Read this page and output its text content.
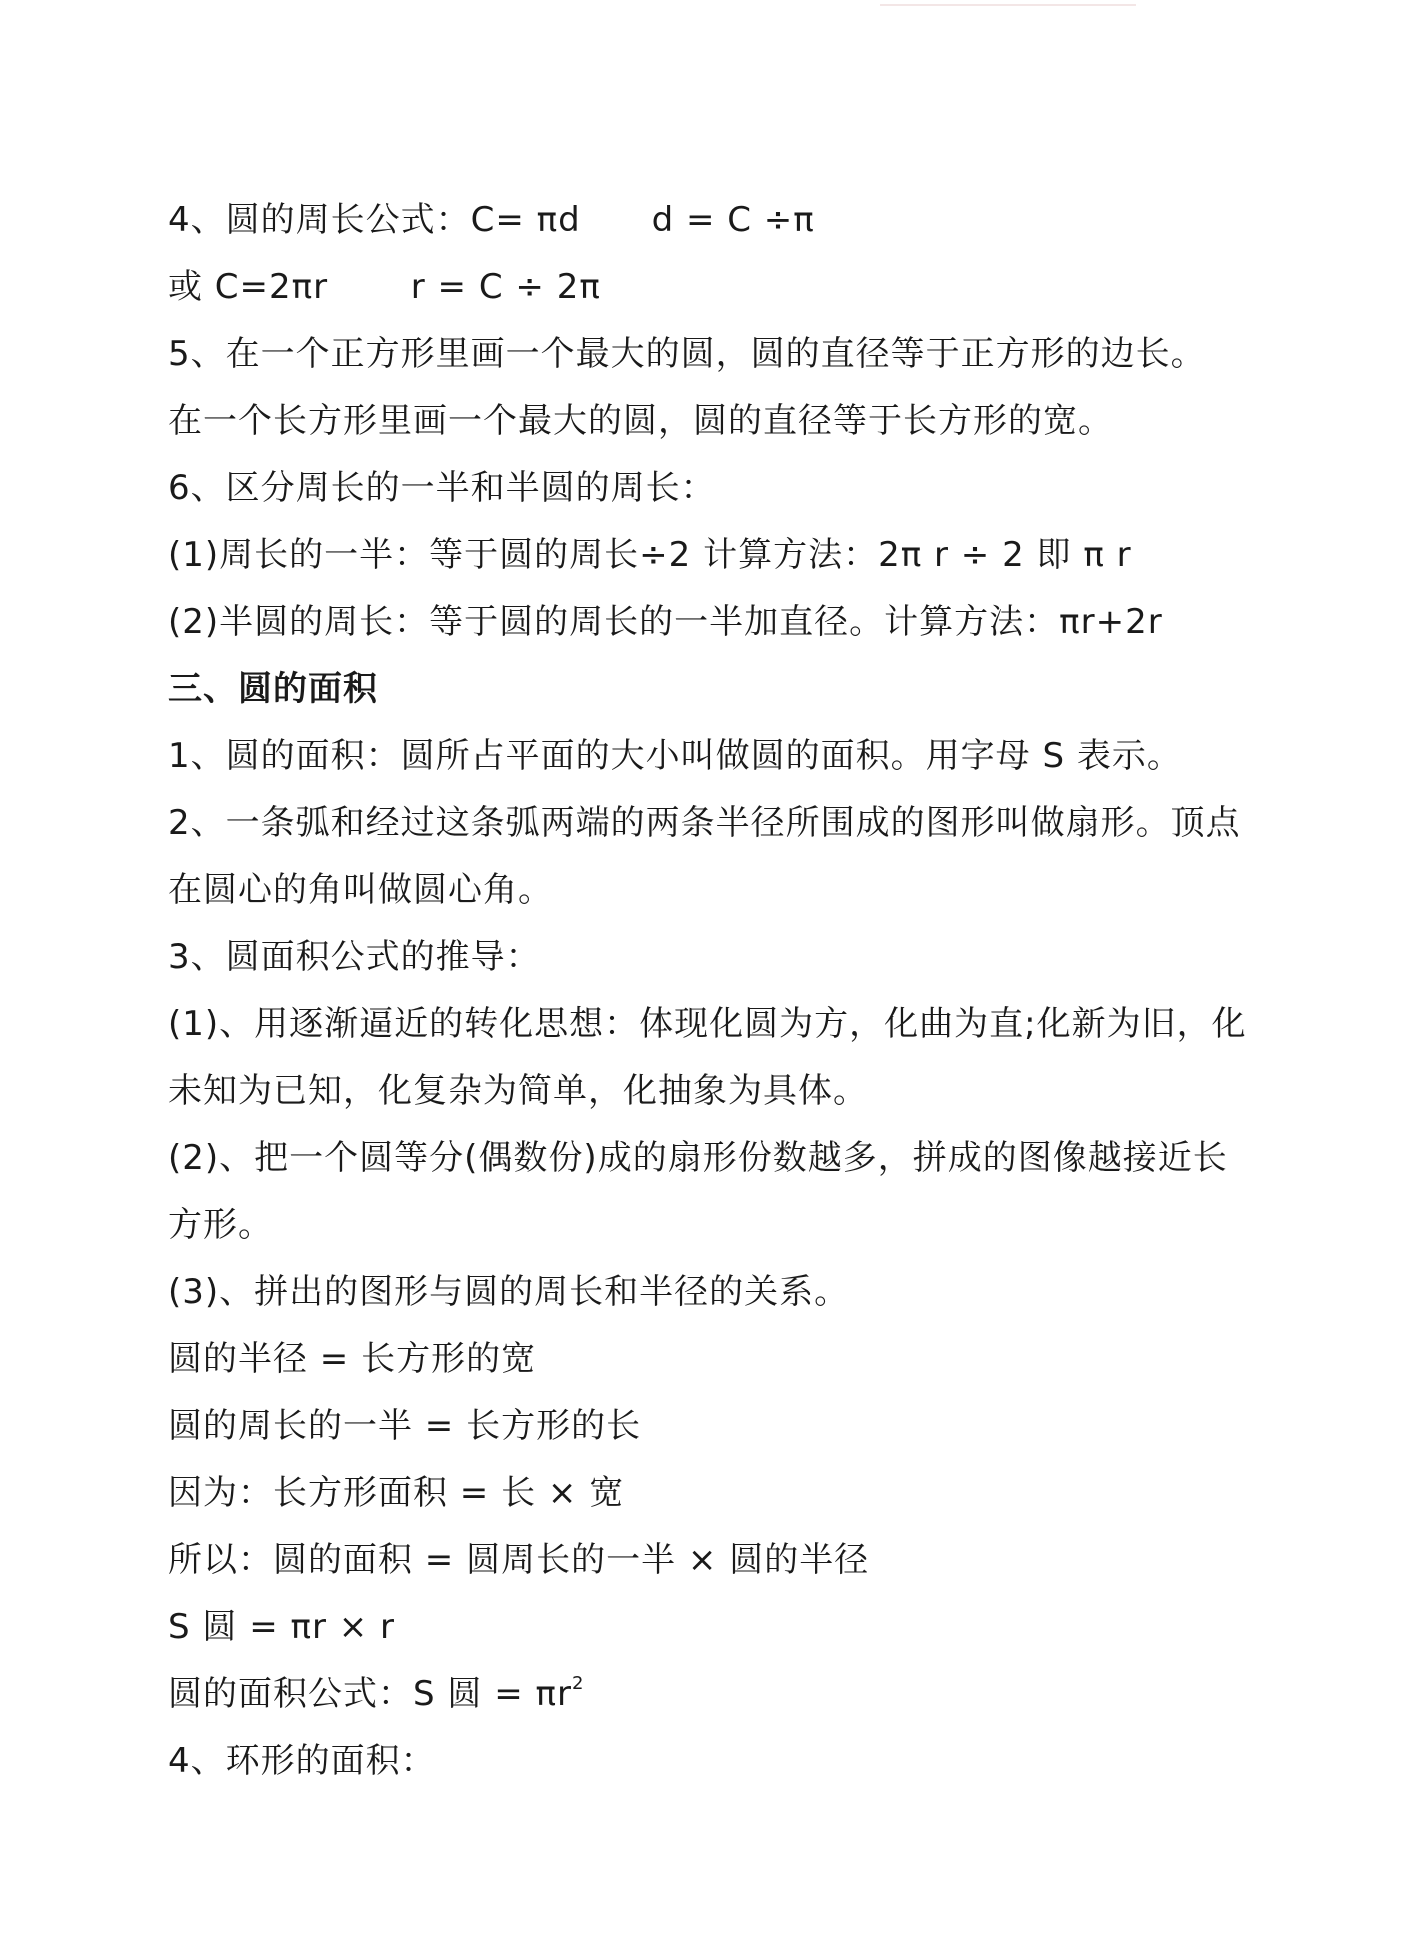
4、圆的周长公式：C= πd      d = C ÷π
或 C=2πr       r = C ÷ 2π
5、在一个正方形里画一个最大的圆，圆的直径等于正方形的边长。
在一个长方形里画一个最大的圆，圆的直径等于长方形的宽。
6、区分周长的一半和半圆的周长：
(1)周长的一半：等于圆的周长÷2 计算方法：2π r ÷ 2 即 π r
(2)半圆的周长：等于圆的周长的一半加直径。计算方法：πr+2r
三、圆的面积
1、圆的面积：圆所占平面的大小叫做圆的面积。用字母 S 表示。
2、一条弧和经过这条弧两端的两条半径所围成的图形叫做扇形。顶点
在圆心的角叫做圆心角。
3、圆面积公式的推导：
(1)、用逐渐逼近的转化思想：体现化圆为方，化曲为直;化新为旧，化
未知为已知，化复杂为简单，化抽象为具体。
(2)、把一个圆等分(偶数份)成的扇形份数越多，拼成的图像越接近长
方形。
(3)、拼出的图形与圆的周长和半径的关系。
圆的半径 = 长方形的宽
圆的周长的一半 = 长方形的长
因为：长方形面积 = 长 × 宽
所以：圆的面积 = 圆周长的一半 × 圆的半径
S 圆 = πr × r
圆的面积公式：S 圆 = $\pi r^2$
4、环形的面积：
